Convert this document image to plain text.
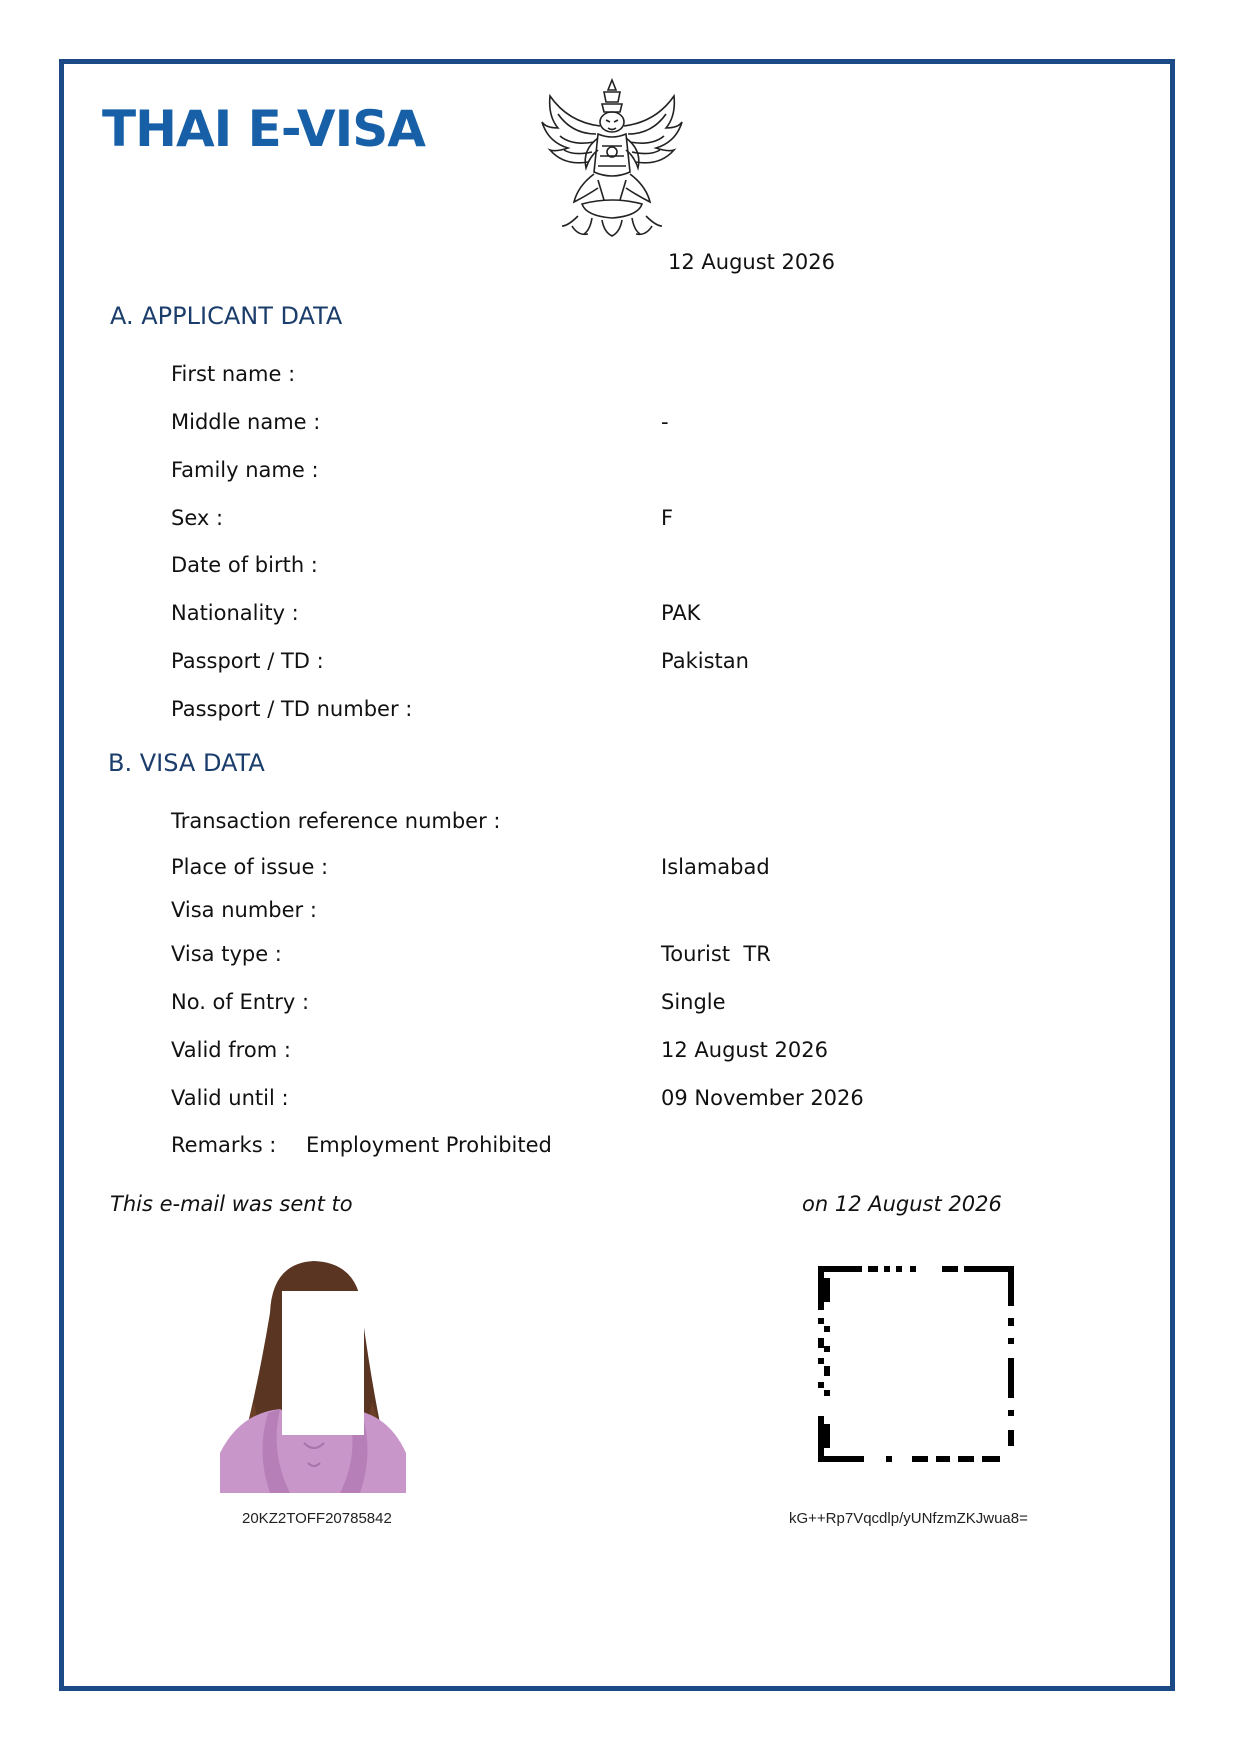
THAI E-VISA
12 August 2026
A. APPLICANT DATA
First name :
Middle name :	-
Family name :
Sex :	F
Date of birth :
Nationality :	PAK
Passport / TD :	Pakistan
Passport / TD number :
B. VISA DATA
Transaction reference number :
Place of issue :	Islamabad
Visa number :
Visa type :	Tourist  TR
No. of Entry :	Single
Valid from :	12 August 2026
Valid until :	09 November 2026
Remarks : Employment Prohibited
This e-mail was sent to	on 12 August 2026
20KZ2TOFF20785842	kG++Rp7Vqcdlp/yUNfzmZKJwua8=
